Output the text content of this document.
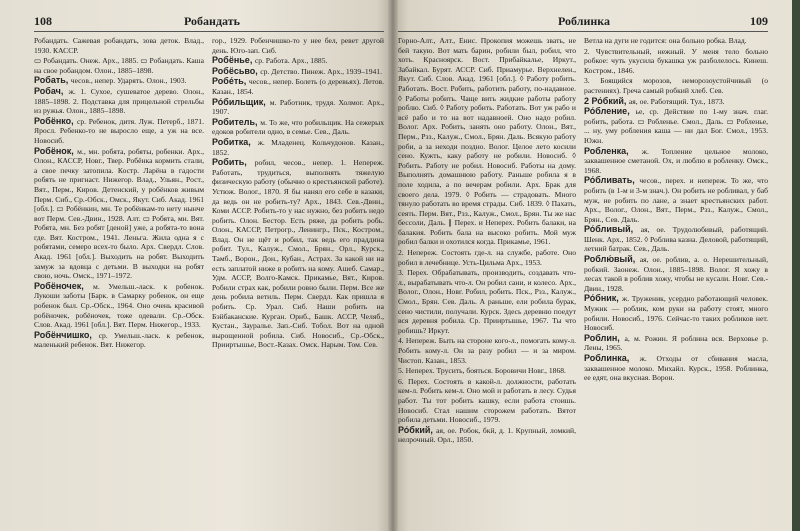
108	Робандать

Робандать. Сажевая робандать, зова деток. Влад., 1930. КАССР.

▭ Робандать. Онеж. Арх., 1885. ▭ Робандать. Каша на свое робандом. Олон., 1885–1898.

Робать, чесов., непер. Ударять. Олон., 1903.

Робач, ж. 1. Сухое, сушеватое дерево. Олон., 1885–1898. 2. Подставка для прицельной стрельбы из ружья. Олон., 1885–1898.

Робёнко, ср. Ребенок, дитя. Луж. Петерб., 1871. Яросл. Ребенко-то не выросло еще, а уж на все. Новосиб.

Робёнок, м., мн. робята, робяты, робенки. Арх., Олон., КАССР, Новг., Твер. Робёнка кормить стали, а свое печку затопила. Костр. Ларёна в гадости робять не пригнаст. Нижегор. Влад., Ульян., Рост., Вят., Перм., Киров. Детенский, у робёнков живым Перм. Сиб., Ср.-Обск., Омск., Якут. Сиб. Акад. 1961 [обл.]. ▭ Робёнкин, мн. Те робёнкам-то нету нынче вот Перм. Сев.-Двин., 1928. Алт. ▭ Робята, мн. Вят. Робята, мн. Без робят [деной] уже, а робята-то вона где. Вят. Костром., 1941. Леньга. Жила одна я с робятами, семеро всех-то было. Арх. Свердл. Слов. Акад. 1961 [обл.]. Выходить на робят. Выходить замуж за вдовца с детьми. В выходки на робят свою, ночь. Омск., 1971–1972.

Робёночек, м. Умельш.-ласк. к робенок. Лукоши заботы [Барк. в Самарку робенок, он еще робенок был. Ср.-Обск., 1964. Оно очень красивой робёночек, робёночек, тоже одевали. Ср.-Обск. Слов. Акад. 1961 [обл.]. Вят. Перм. Нижегор., 1933.

Робёнчишко, ср. Умельш.-ласк. к ребенок, маленький ребенок. Вят. Нижегор.

гор., 1929. Робенчишко-то у нее бел, ревет другой день. Юго-зап. Сиб.

Робёнье, ср. Работа. Арх., 1885.

Робёсьво, ср. Детство. Пинеж. Арх., 1939–1941.

Робе́ть, чесов., непер. Болеть (о деревьях). Летов. Казан., 1854.

Ро́бильщик, м. Работник, трудя. Холмог. Арх., 1907.

Робитель, м. То же, что робильщик. На сежерых едоков робители одно, в семье. Сев., Даль.

Робитка, ж. Младенец. Кольчудонов. Казан., 1852.

Робить, робил, чесов., непер. 1. Непереж. Работать, трудиться, выполнять тяжелую физическую работу (обычно о крестьянской работе). Устюж. Волог., 1870. Я бы нанял его себе в казаки, да ведь он не робить-ту? Арх., 1843. Сев.-Двин., Коми АССР. Робить-то у нас нужно, без робить недо робить. Олон. Бестор. Есть ряже, да робить робь. Олон., КАССР, Петрогр., Ленингр., Пск., Костром., Влад. Он не щёт и робил, так ведь его праддина робит. Тул., Калуж., Смол., Брян., Орл., Курск., Тамб., Ворон., Дон., Кубан., Астрах. За какой ни на есть заплатой ниже в робить на кому. Ашеб. Самар., Удм. АССР, Волго-Камск. Прикамье, Вят., Киров. Робили страх как, робили ровно были. Перм. Все же день робила ветиль. Перм. Свердл. Как пришла я робить. Ср. Урал. Сиб. Наши робить на Бэйбаканские. Курган. Орнб., Башк. АССР, Челяб., Кустан., Зауралье. Зап.-Сиб. Тобол. Вот на одной вырощенной робила. Сиб. Новосиб., Ср.-Обск., Прииртышье, Вост.-Казах. Омск. Нарым. Том. Сев.

Роблинка	109

Горно-Алт., Алт., Енис. Прокопия можешь звать, не бей такую. Вот мать барин, робили был, робил, что хоть. Красноярск. Вост. Прибайкалье, Иркут., Забайкал. Бурят. АССР. Сиб. Приамурье. Верхнелен., Якут. Сиб. Слов. Акад. 1961 [обл.]. ◊ Работу робить. Работать. Вост. Робить, работить работу, по-надавное. ◊ Работы робить. Чаще вить жидкие работы работу роблю. Сиб. ◊ Работу робить. Работать. Вот уж рабо и всё рабо и то на вот надавноей. Оно надо робил. Волог. Арх. Робить, занять оно работу. Олон., Вят., Перм., Рзз., Калуж., Смол., Брян. Даль. Всякую работу роби, а за неходи поздно. Волог. Целое лето косили сено. Кужть, каку работу не робили. Новосиб. ◊ Робить. Работу не робил. Новосиб. Работы на дому. Выполнять домашнюю работу. Раньше робила я в поле ходила, а по вечерам робили. Арх. Брак для своего дела. 1979. ◊ Робить — страдовать. Много тянуло работать во время страды. Сиб. 1839. ◊ Пахать, сеять. Перм. Вят., Рзз., Калуж., Смол., Брян. Ты же нас бессоли, Даль. ∥ Перех. и Неперех. Робить балаки, на балакия. Робить бала на высоко робить. Мой муж робил балки и охотился когда. Прикамье, 1961.

2. Непереж. Состоять где-л. на службе, работе. Оно робил в лечебнице. Усть-Цильма Арх., 1953.

3. Перех. Обрабатывать, производить, создавать что-л., вырабатывать что-л. Он робил сани, и колесо. Арх., Волог., Олон., Новг. Робил, робить. Пск., Рзз., Калуж., Смол., Брян. Сев. Даль. А раньше, ели робила бурак, сено чистили, получали. Курск. Здесь деревню поедут вся деревня робила. Ср. Прииртышье, 1967. Ты что робишь? Иркут.

4. Непереж. Быть на стороне кого-л., помогать кому-л. Робить кому-л. Он за разу робил — и за миром. Чистоп. Казан., 1853.

5. Неперех. Трусить, бояться. Боровичи Новг., 1868.

6. Перех. Состоять в какой-л. должности, работать кем-л. Робить кем-л. Оно мой и работать в лесу. Судья работ. Ты тот робить кашку, если работа стоишь. Новосиб. Стал нашим сторожем работать. Вятот робила детьми. Новосиб., 1979.

Ро́бкий, ая, ое. Робок, бкй, д. 1. Крупный, ломкий, нелрочный. Орл., 1850.

Ветла на дуги не годится: она больно робка. Влад.

2. Чувствительный, нежный. У меня тело больно робкое: чуть укусила букашка уж разболелось. Кинеш. Костром., 1846.

3. Боящийся морозов, неморозоустойчивый (о растениях). Греча самый робкий хлеб. Сев.

2 Ро́бкий, ая, ое. Работящий. Тул., 1873.

Ро́бление, ье, ср. Действие по 1-му знач. глаг. робить, работа. ▭ Робленье. Смол., Даль. ▭ Робленье, ... ну, уму робления каша — ни дал Бог. Смол., 1953. Южн.

Робленка, ж. Топление цельное молоко, заквашенное сметаной. Ох, и люблю я робленку. Омск., 1968.

Ро́бливать, чесов., перех. и непереж. То же, что робить (в 1-м и 3-м знач.). Он робить не робливал, у баб муж, не робить по лане, а знает крестьянских работ. Арх., Волог., Олон., Вят., Перм., Рзз., Калуж., Смол., Брян., Сев. Даль.

Ро́бливый, ая, ое. Трудолюбивый, работящий. Шенк. Арх., 1852. ◊ Роблива казна. Деловой, работящий, летний батрак. Сев., Даль.

Роблю́вый, ая, ое. роблив, а. о. Нерешительный, робкий. Заонеж. Олон., 1885–1898. Волог. Я хожу в лесах такой в роблив хожу, чтобы не кусали. Новг. Сев.-Двин., 1928.

Ро́бник, ж. Труженик, усердно работающий человек. Мужик — роблик, ком руки на работу стоят, много робили. Новосиб., 1976. Сейчас-то таких робликов нет. Новосиб.

Роблин, а, м. Рожин. Я роблина вся. Верховье р. Лены, 1965.

Роблинка, ж. Отходы от сбивания масла, заквашенное молоко. Михайл. Курск., 1958. Роблинка, ее едят, она вкусная. Ворон.
